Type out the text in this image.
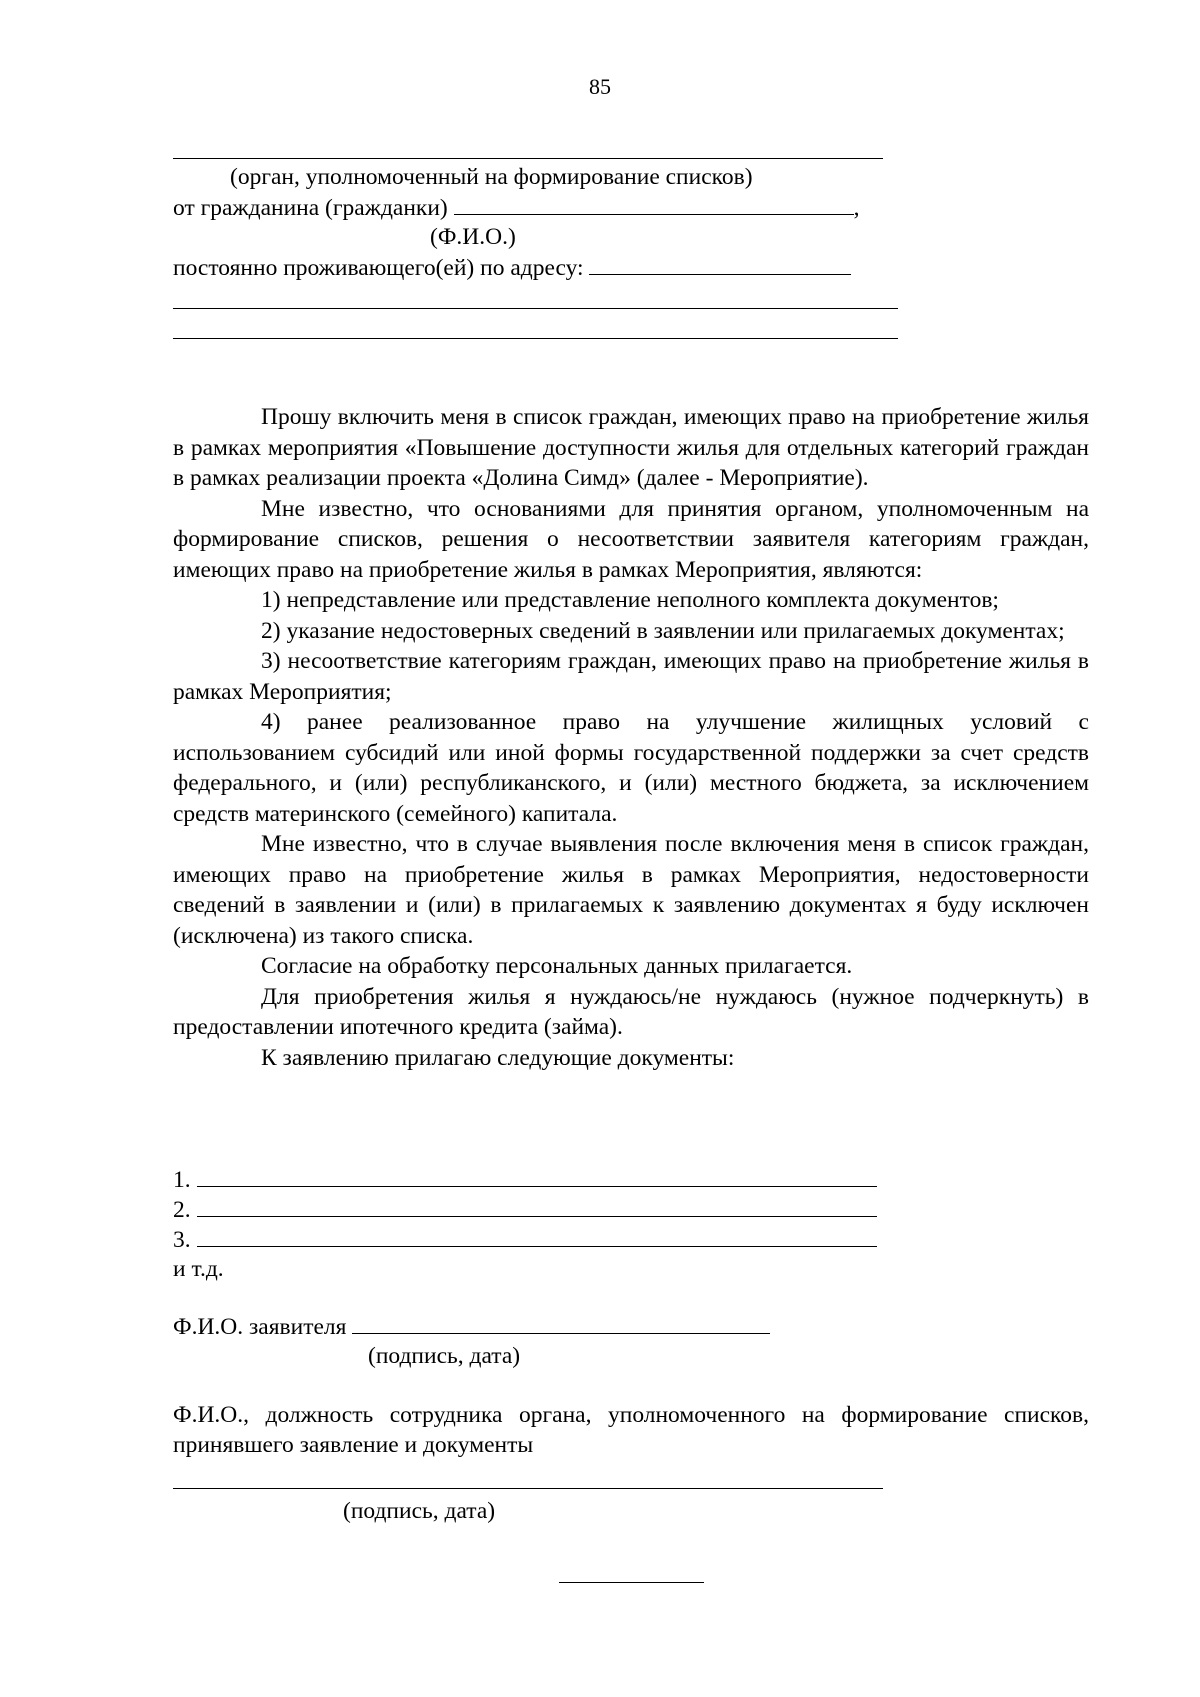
85
(орган, уполномоченный на формирование списков)
от гражданина (гражданки)	,
(Ф.И.О.)
постоянно проживающего(ей) по адресу:

Прошу включить меня в список граждан, имеющих право на приобретение жилья в рамках мероприятия «Повышение доступности жилья для отдельных категорий граждан в рамках реализации проекта «Долина Симд» (далее - Мероприятие).

Мне известно, что основаниями для принятия органом, уполномоченным на формирование списков, решения о несоответствии заявителя категориям граждан, имеющих право на приобретение жилья в рамках Мероприятия, являются:

1) непредставление или представление неполного комплекта документов;

2) указание недостоверных сведений в заявлении или прилагаемых документах;

3) несоответствие категориям граждан, имеющих право на приобретение жилья в рамках Мероприятия;

4) ранее реализованное право на улучшение жилищных условий с использованием субсидий или иной формы государственной поддержки за счет средств федерального, и (или) республиканского, и (или) местного бюджета, за исключением средств материнского (семейного) капитала.

Мне известно, что в случае выявления после включения меня в список граждан, имеющих право на приобретение жилья в рамках Мероприятия, недостоверности сведений в заявлении и (или) в прилагаемых к заявлению документах я буду исключен (исключена) из такого списка.

Согласие на обработку персональных данных прилагается.

Для приобретения жилья я нуждаюсь/не нуждаюсь (нужное подчеркнуть) в предоставлении ипотечного кредита (займа).

К заявлению прилагаю следующие документы:

1.
2.
3.
и т.д.
Ф.И.О. заявителя
(подпись, дата)

Ф.И.О., должность сотрудника органа, уполномоченного на формирование списков, принявшего заявление и документы

(подпись, дата)
